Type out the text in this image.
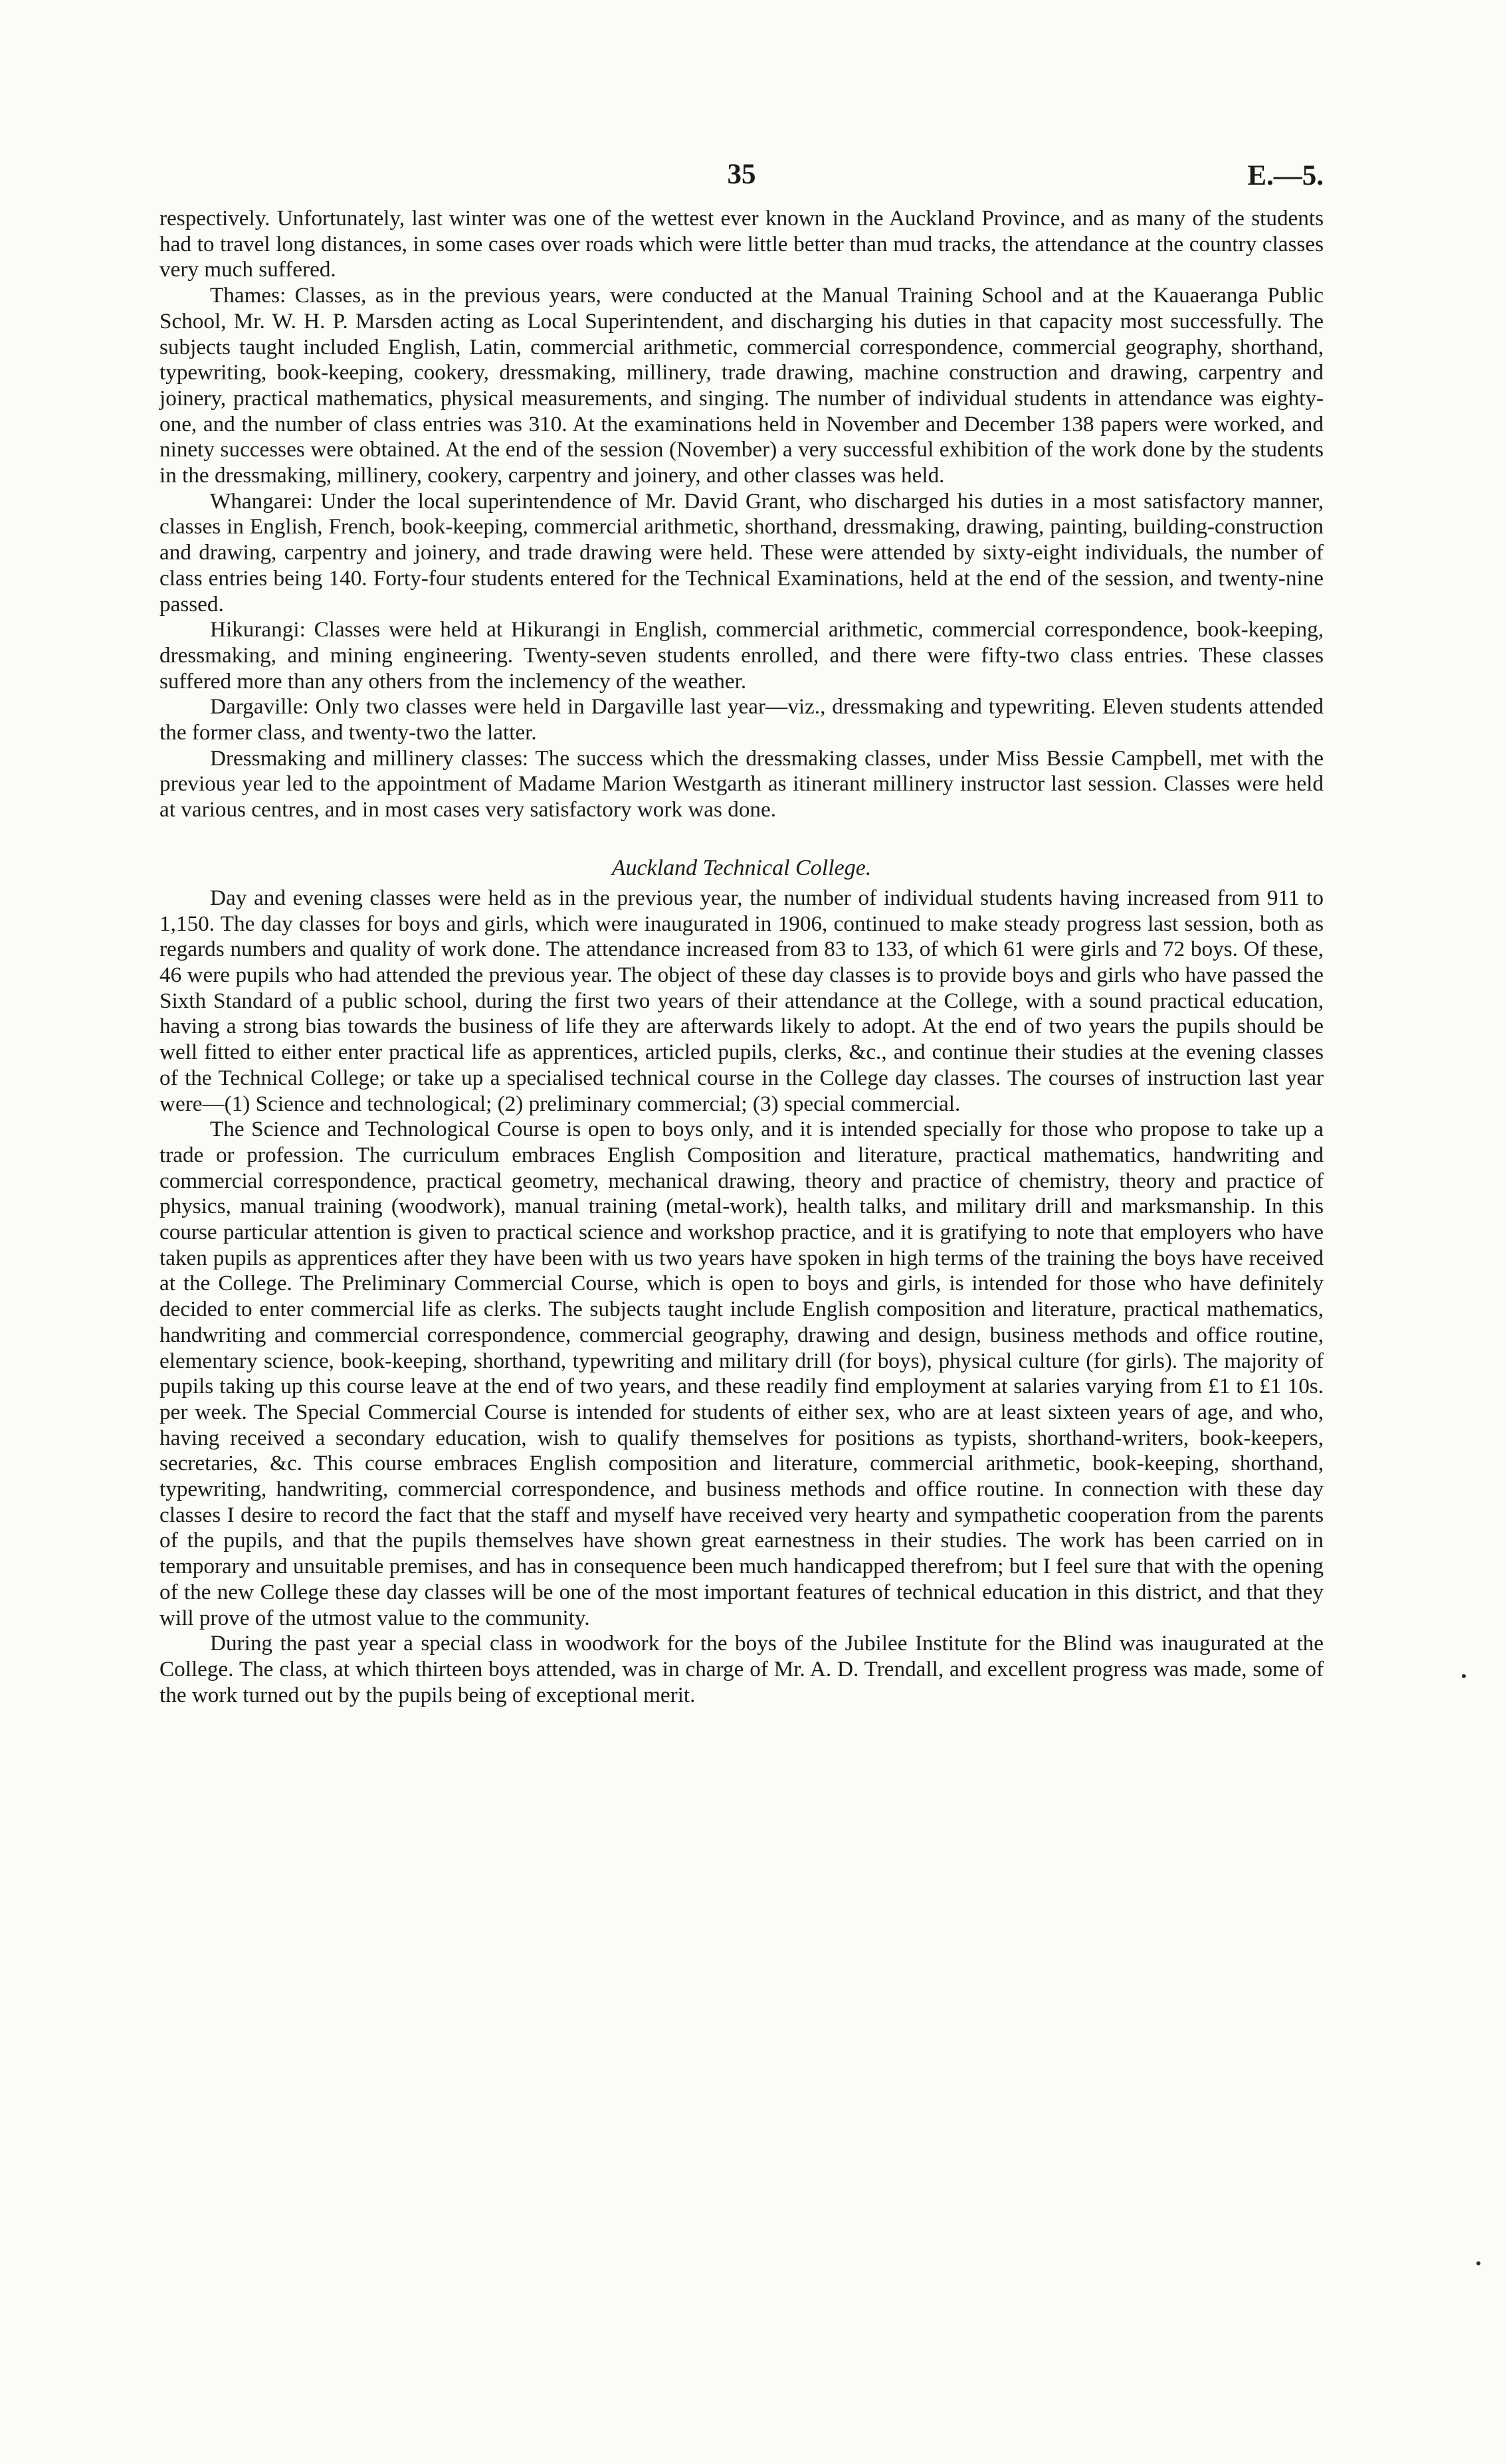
35	E.—5.

respectively. Unfortunately, last winter was one of the wettest ever known in the Auckland Province, and as many of the students had to travel long distances, in some cases over roads which were little better than mud tracks, the attendance at the country classes very much suffered.

Thames: Classes, as in the previous years, were conducted at the Manual Training School and at the Kauaeranga Public School, Mr. W. H. P. Marsden acting as Local Superintendent, and discharging his duties in that capacity most successfully. The subjects taught included English, Latin, commercial arithmetic, commercial correspondence, commercial geography, shorthand, typewriting, book-keeping, cookery, dressmaking, millinery, trade drawing, machine construction and drawing, carpentry and joinery, practical mathematics, physical measurements, and singing. The number of individual students in attendance was eighty-one, and the number of class entries was 310. At the examinations held in November and December 138 papers were worked, and ninety successes were obtained. At the end of the session (November) a very successful exhibition of the work done by the students in the dressmaking, millinery, cookery, carpentry and joinery, and other classes was held.

Whangarei: Under the local superintendence of Mr. David Grant, who discharged his duties in a most satisfactory manner, classes in English, French, book-keeping, commercial arithmetic, shorthand, dressmaking, drawing, painting, building-construction and drawing, carpentry and joinery, and trade drawing were held. These were attended by sixty-eight individuals, the number of class entries being 140. Forty-four students entered for the Technical Examinations, held at the end of the session, and twenty-nine passed.

Hikurangi: Classes were held at Hikurangi in English, commercial arithmetic, commercial correspondence, book-keeping, dressmaking, and mining engineering. Twenty-seven students enrolled, and there were fifty-two class entries. These classes suffered more than any others from the inclemency of the weather.

Dargaville: Only two classes were held in Dargaville last year—viz., dressmaking and typewriting. Eleven students attended the former class, and twenty-two the latter.

Dressmaking and millinery classes: The success which the dressmaking classes, under Miss Bessie Campbell, met with the previous year led to the appointment of Madame Marion Westgarth as itinerant millinery instructor last session. Classes were held at various centres, and in most cases very satisfactory work was done.

Auckland Technical College.

Day and evening classes were held as in the previous year, the number of individual students having increased from 911 to 1,150. The day classes for boys and girls, which were inaugurated in 1906, continued to make steady progress last session, both as regards numbers and quality of work done. The attendance increased from 83 to 133, of which 61 were girls and 72 boys. Of these, 46 were pupils who had attended the previous year. The object of these day classes is to provide boys and girls who have passed the Sixth Standard of a public school, during the first two years of their attendance at the College, with a sound practical education, having a strong bias towards the business of life they are afterwards likely to adopt. At the end of two years the pupils should be well fitted to either enter practical life as apprentices, articled pupils, clerks, &c., and continue their studies at the evening classes of the Technical College; or take up a specialised technical course in the College day classes. The courses of instruction last year were—(1) Science and technological; (2) preliminary commercial; (3) special commercial.

The Science and Technological Course is open to boys only, and it is intended specially for those who propose to take up a trade or profession. The curriculum embraces English Composition and literature, practical mathematics, handwriting and commercial correspondence, practical geometry, mechanical drawing, theory and practice of chemistry, theory and practice of physics, manual training (woodwork), manual training (metal-work), health talks, and military drill and marksmanship. In this course particular attention is given to practical science and workshop practice, and it is gratifying to note that employers who have taken pupils as apprentices after they have been with us two years have spoken in high terms of the training the boys have received at the College. The Preliminary Commercial Course, which is open to boys and girls, is intended for those who have definitely decided to enter commercial life as clerks. The subjects taught include English composition and literature, practical mathematics, handwriting and commercial correspondence, commercial geography, drawing and design, business methods and office routine, elementary science, book-keeping, shorthand, typewriting and military drill (for boys), physical culture (for girls). The majority of pupils taking up this course leave at the end of two years, and these readily find employment at salaries varying from £1 to £1 10s. per week. The Special Commercial Course is intended for students of either sex, who are at least sixteen years of age, and who, having received a secondary education, wish to qualify themselves for positions as typists, shorthand-writers, book-keepers, secretaries, &c. This course embraces English composition and literature, commercial arithmetic, book-keeping, shorthand, typewriting, handwriting, commercial correspondence, and business methods and office routine. In connection with these day classes I desire to record the fact that the staff and myself have received very hearty and sympathetic cooperation from the parents of the pupils, and that the pupils themselves have shown great earnestness in their studies. The work has been carried on in temporary and unsuitable premises, and has in consequence been much handicapped therefrom; but I feel sure that with the opening of the new College these day classes will be one of the most important features of technical education in this district, and that they will prove of the utmost value to the community.

During the past year a special class in woodwork for the boys of the Jubilee Institute for the Blind was inaugurated at the College. The class, at which thirteen boys attended, was in charge of Mr. A. D. Trendall, and excellent progress was made, some of the work turned out by the pupils being of exceptional merit.
